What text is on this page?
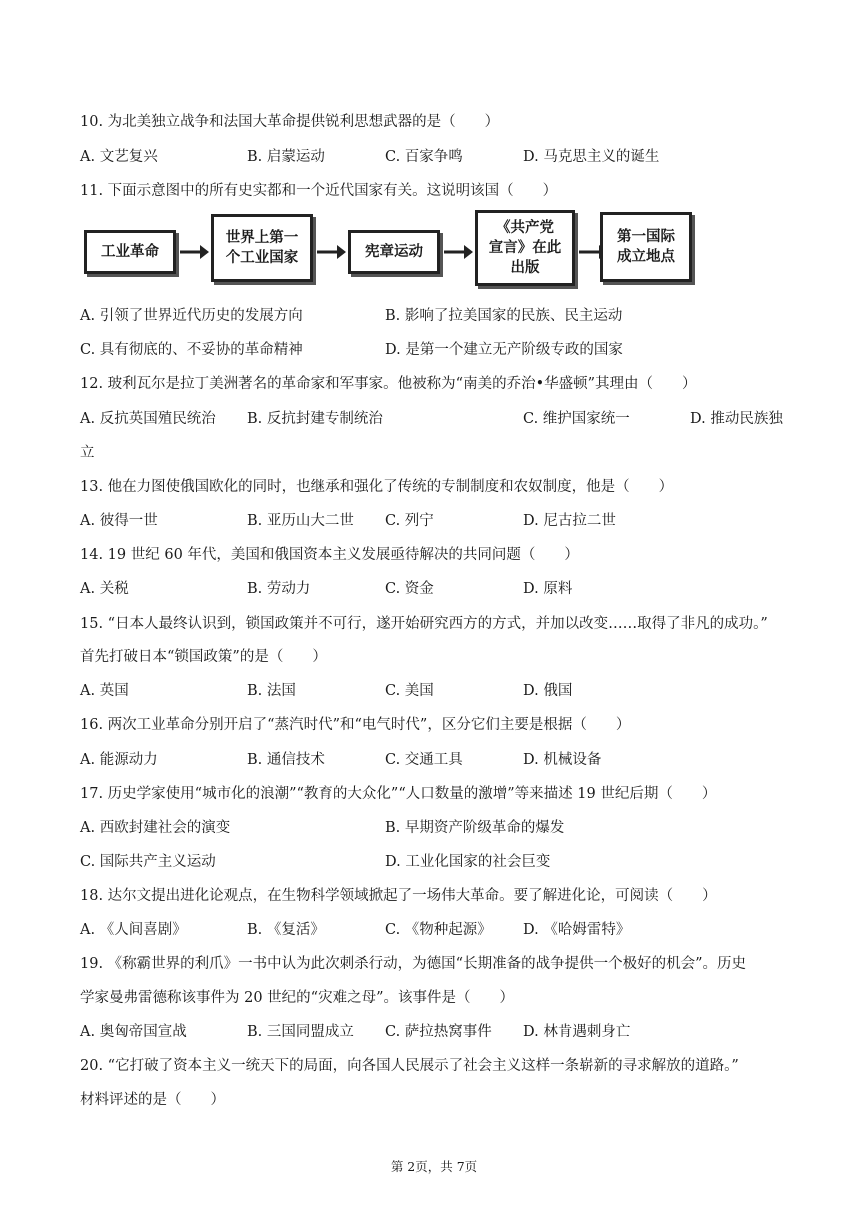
10. 为北美独立战争和法国大革命提供锐利思想武器的是（　　）
A. 文艺复兴	B. 启蒙运动	C. 百家争鸣	D. 马克思主义的诞生
11. 下面示意图中的所有史实都和一个近代国家有关。这说明该国（　　）
工业革命
世界上第一
个工业国家	宪章运动
《共产党
宣言》在此
出版
第一国际
成立地点
A. 引领了世界近代历史的发展方向	B. 影响了拉美国家的民族、民主运动
C. 具有彻底的、不妥协的革命精神	D. 是第一个建立无产阶级专政的国家
12. 玻利瓦尔是拉丁美洲著名的革命家和军事家。他被称为“南美的乔治•华盛顿”其理由（　　）
A. 反抗英国殖民统治 B. 反抗封建专制统治	C. 维护国家统一	D. 推动民族独
立
13. 他在力图使俄国欧化的同时，也继承和强化了传统的专制制度和农奴制度，他是（　　）
A. 彼得一世	B. 亚历山大二世 C. 列宁	D. 尼古拉二世
14. 19 世纪 60 年代，美国和俄国资本主义发展亟待解决的共同问题（　　）
A. 关税	B. 劳动力	C. 资金	D. 原料
15. “日本人最终认识到，锁国政策并不可行，遂开始研究西方的方式，并加以改变……取得了非凡的成功。”
首先打破日本“锁国政策”的是（　　）
A. 英国	B. 法国	C. 美国	D. 俄国
16. 两次工业革命分别开启了“蒸汽时代”和“电气时代”，区分它们主要是根据（　　）
A. 能源动力	B. 通信技术	C. 交通工具	D. 机械设备
17. 历史学家使用“城市化的浪潮”“教育的大众化”“人口数量的激增”等来描述 19 世纪后期（　　）
A. 西欧封建社会的演变	B. 早期资产阶级革命的爆发
C. 国际共产主义运动	D. 工业化国家的社会巨变
18. 达尔文提出进化论观点，在生物科学领域掀起了一场伟大革命。要了解进化论，可阅读（　　）
A. 《人间喜剧》	B. 《复活》	C. 《物种起源》 D. 《哈姆雷特》
19. 《称霸世界的利爪》一书中认为此次刺杀行动，为德国“长期准备的战争提供一个极好的机会”。历史
学家曼弗雷德称该事件为 20 世纪的“灾难之母”。该事件是（　　）
A. 奥匈帝国宣战	B. 三国同盟成立 C. 萨拉热窝事件 D. 林肯遇刺身亡
20. “它打破了资本主义一统天下的局面，向各国人民展示了社会主义这样一条崭新的寻求解放的道路。”
材料评述的是（　　）
第 2页，共 7页
